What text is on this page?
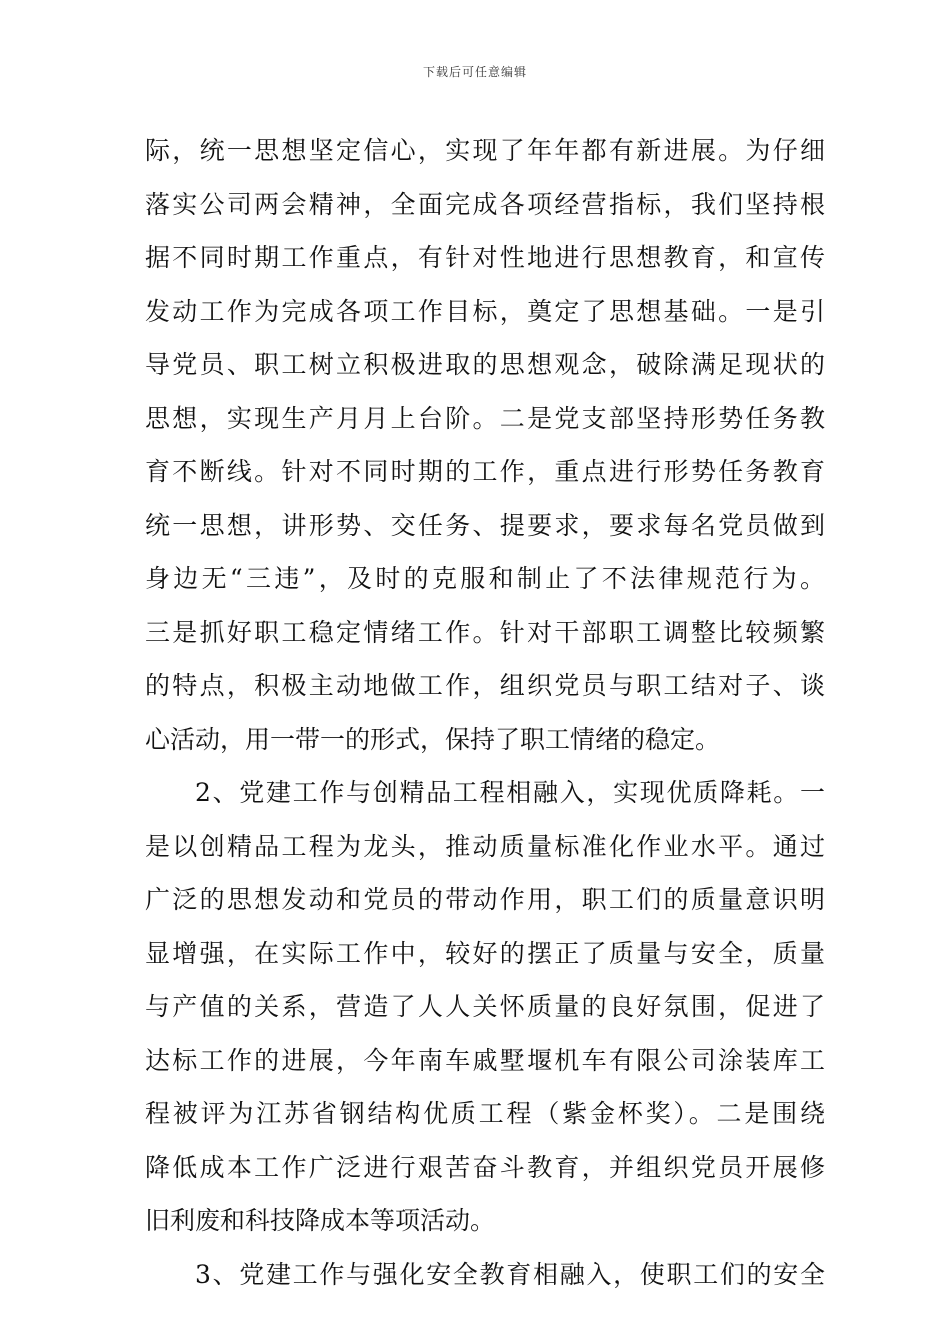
下载后可任意编辑
际，统一思想坚定信心，实现了年年都有新进展。为仔细
落实公司两会精神，全面完成各项经营指标，我们坚持根
据不同时期工作重点，有针对性地进行思想教育，和宣传
发动工作为完成各项工作目标，奠定了思想基础。一是引
导党员、职工树立积极进取的思想观念，破除满足现状的
思想，实现生产月月上台阶。二是党支部坚持形势任务教
育不断线。针对不同时期的工作，重点进行形势任务教育
统一思想，讲形势、交任务、提要求，要求每名党员做到
身边无“三违”，及时的克服和制止了不法律规范行为。
三是抓好职工稳定情绪工作。针对干部职工调整比较频繁
的特点，积极主动地做工作，组织党员与职工结对子、谈
心活动，用一带一的形式，保持了职工情绪的稳定。
2、党建工作与创精品工程相融入，实现优质降耗。一
是以创精品工程为龙头，推动质量标准化作业水平。通过
广泛的思想发动和党员的带动作用，职工们的质量意识明
显增强，在实际工作中，较好的摆正了质量与安全，质量
与产值的关系，营造了人人关怀质量的良好氛围，促进了
达标工作的进展，今年南车戚墅堰机车有限公司涂装库工
程被评为江苏省钢结构优质工程（紫金杯奖）。二是围绕
降低成本工作广泛进行艰苦奋斗教育，并组织党员开展修
旧利废和科技降成本等项活动。
3、党建工作与强化安全教育相融入，使职工们的安全
